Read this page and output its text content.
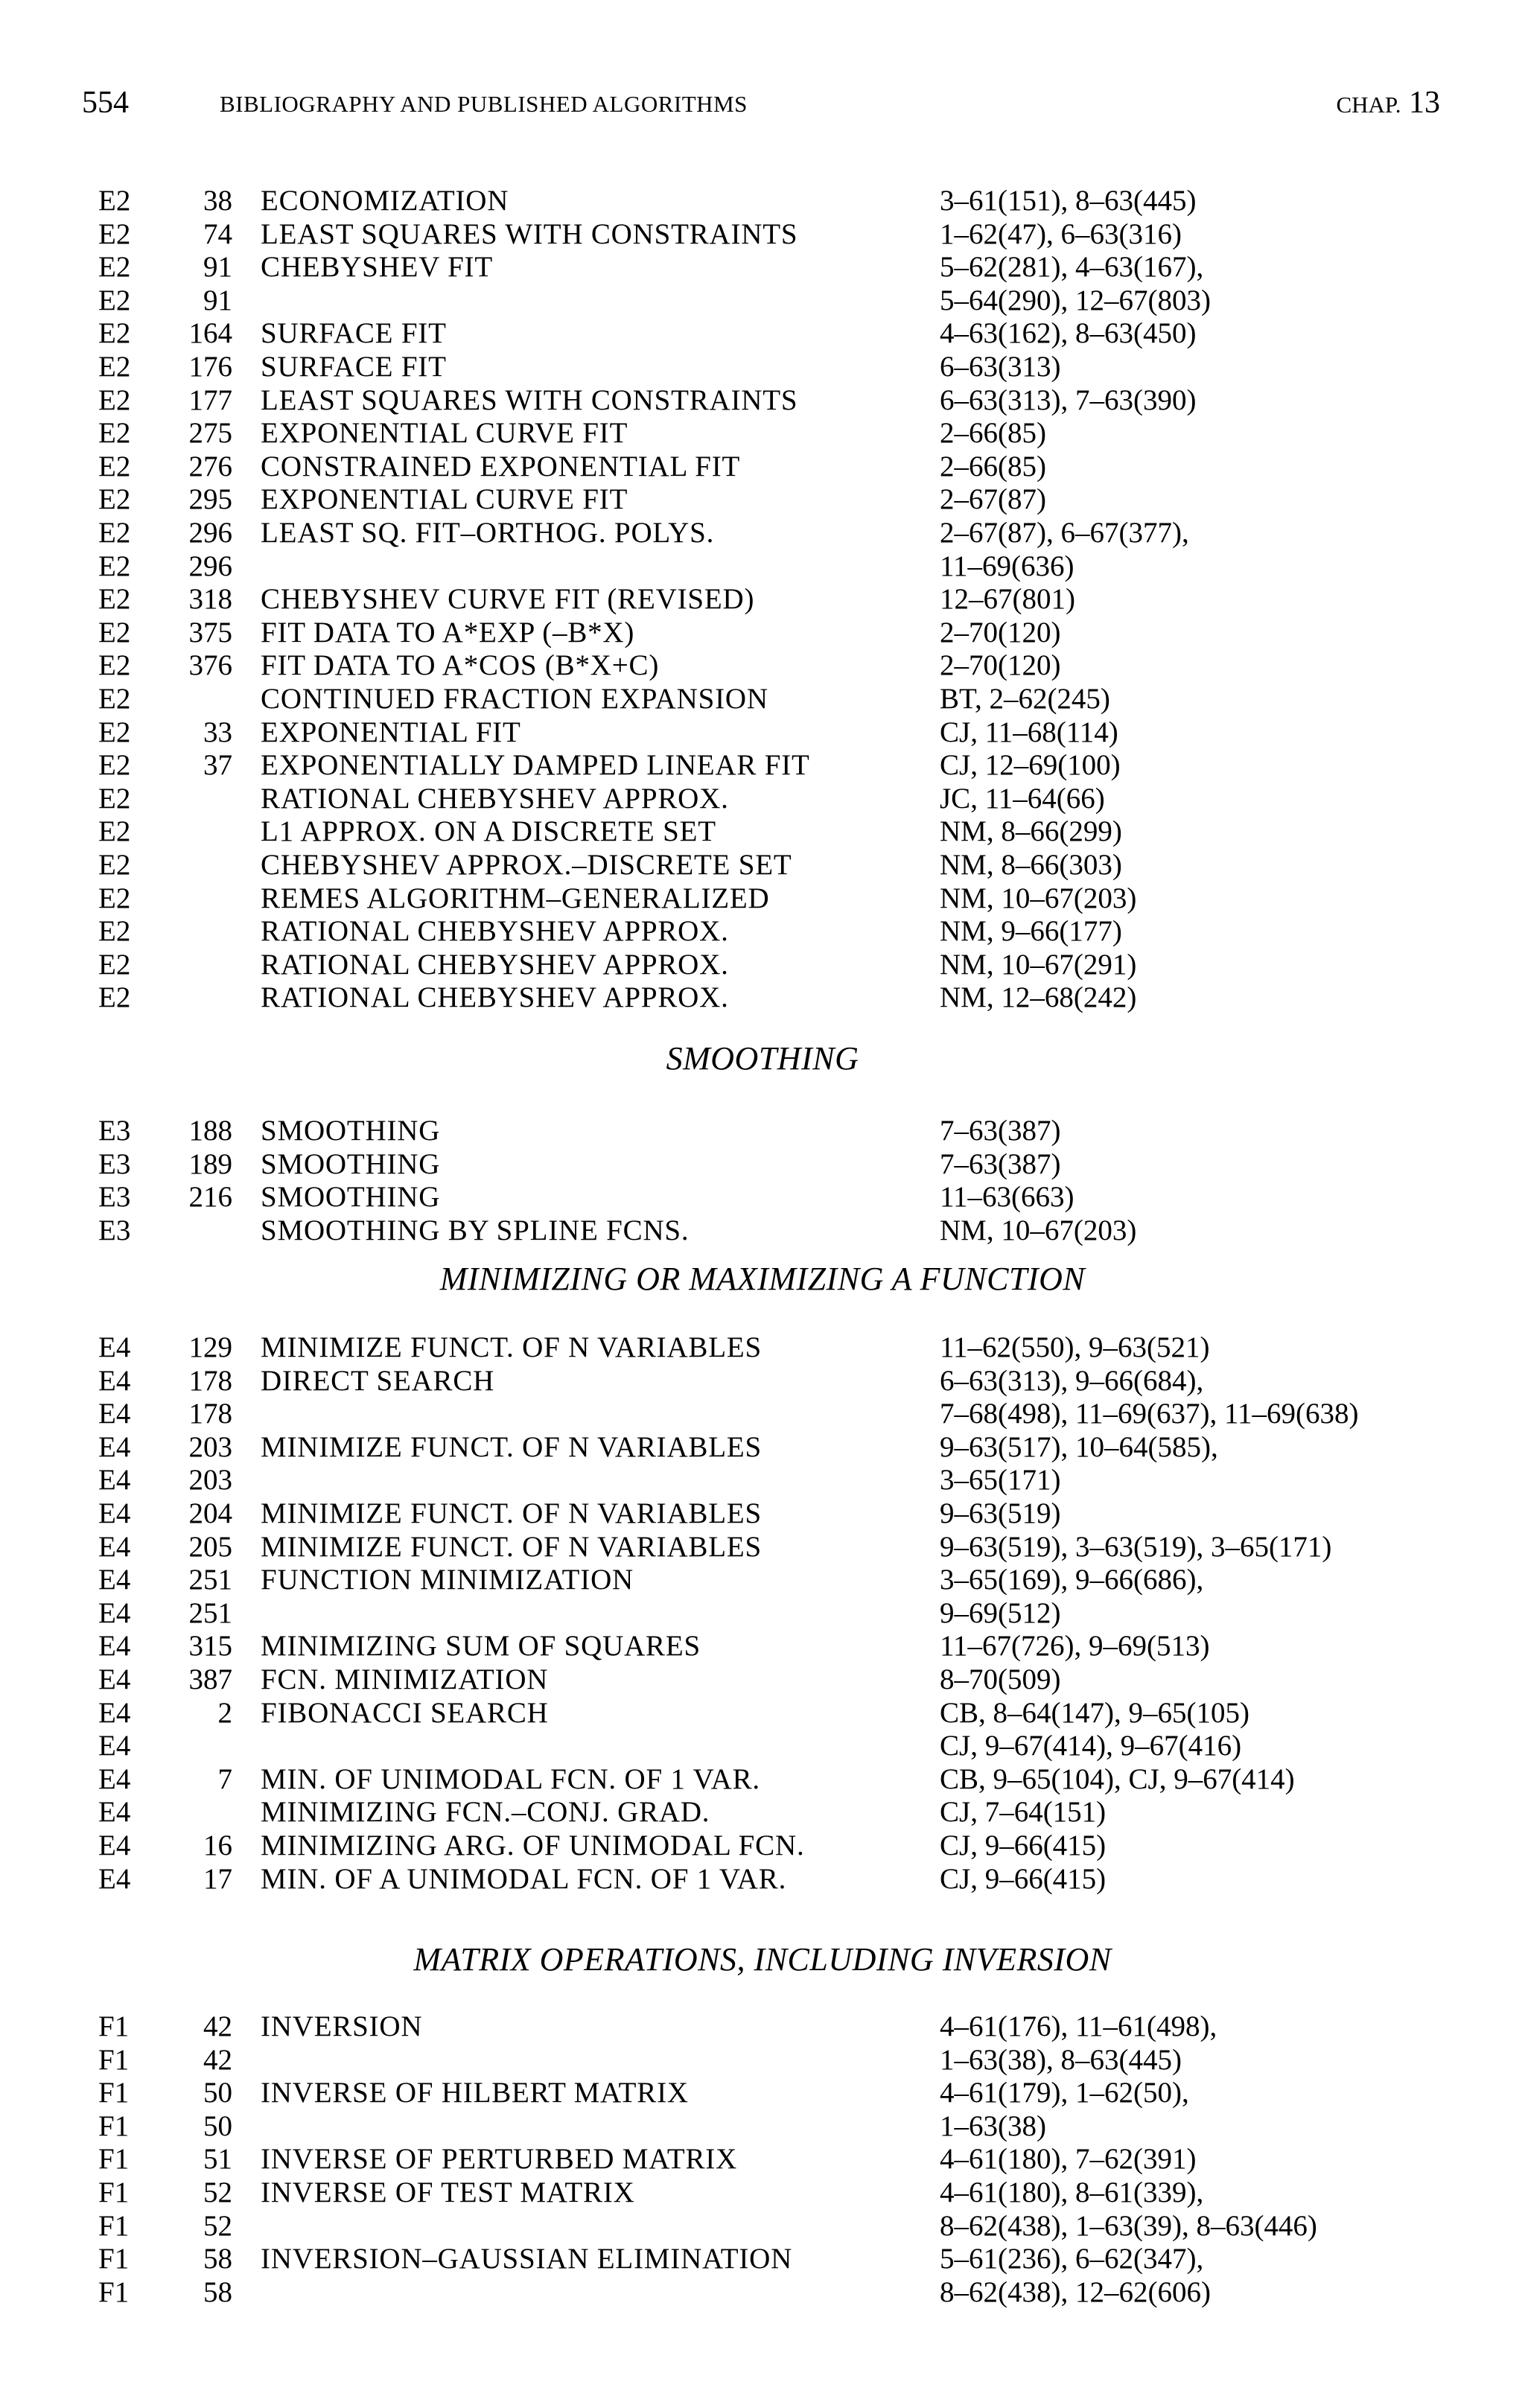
554	BIBLIOGRAPHY AND PUBLISHED ALGORITHMS	CHAP. 13
E2	38 ECONOMIZATION	3–61(151), 8–63(445)
E2	74 LEAST SQUARES WITH CONSTRAINTS	1–62(47), 6–63(316)
E2	91 CHEBYSHEV FIT	5–62(281), 4–63(167),
E2	91	5–64(290), 12–67(803)
E2	164 SURFACE FIT	4–63(162), 8–63(450)
E2	176 SURFACE FIT	6–63(313)
E2	177 LEAST SQUARES WITH CONSTRAINTS	6–63(313), 7–63(390)
E2	275 EXPONENTIAL CURVE FIT	2–66(85)
E2	276 CONSTRAINED EXPONENTIAL FIT	2–66(85)
E2	295 EXPONENTIAL CURVE FIT	2–67(87)
E2	296 LEAST SQ. FIT–ORTHOG. POLYS.	2–67(87), 6–67(377),
E2	296	11–69(636)
E2	318 CHEBYSHEV CURVE FIT (REVISED)	12–67(801)
E2	375 FIT DATA TO A*EXP (–B*X)	2–70(120)
E2	376 FIT DATA TO A*COS (B*X+C)	2–70(120)
E2	CONTINUED FRACTION EXPANSION	BT, 2–62(245)
E2	33 EXPONENTIAL FIT	CJ, 11–68(114)
E2	37 EXPONENTIALLY DAMPED LINEAR FIT	CJ, 12–69(100)
E2	RATIONAL CHEBYSHEV APPROX.	JC, 11–64(66)
E2	L1 APPROX. ON A DISCRETE SET	NM, 8–66(299)
E2	CHEBYSHEV APPROX.–DISCRETE SET	NM, 8–66(303)
E2	REMES ALGORITHM–GENERALIZED	NM, 10–67(203)
E2	RATIONAL CHEBYSHEV APPROX.	NM, 9–66(177)
E2	RATIONAL CHEBYSHEV APPROX.	NM, 10–67(291)
E2	RATIONAL CHEBYSHEV APPROX.	NM, 12–68(242)
SMOOTHING
E3	188 SMOOTHING	7–63(387)
E3	189 SMOOTHING	7–63(387)
E3	216 SMOOTHING	11–63(663)
E3	SMOOTHING BY SPLINE FCNS.	NM, 10–67(203)
MINIMIZING OR MAXIMIZING A FUNCTION
E4	129 MINIMIZE FUNCT. OF N VARIABLES	11–62(550), 9–63(521)
E4	178 DIRECT SEARCH	6–63(313), 9–66(684),
E4	178	7–68(498), 11–69(637), 11–69(638)
E4	203 MINIMIZE FUNCT. OF N VARIABLES	9–63(517), 10–64(585),
E4	203	3–65(171)
E4	204 MINIMIZE FUNCT. OF N VARIABLES	9–63(519)
E4	205 MINIMIZE FUNCT. OF N VARIABLES	9–63(519), 3–63(519), 3–65(171)
E4	251 FUNCTION MINIMIZATION	3–65(169), 9–66(686),
E4	251	9–69(512)
E4	315 MINIMIZING SUM OF SQUARES	11–67(726), 9–69(513)
E4	387 FCN. MINIMIZATION	8–70(509)
E4	2 FIBONACCI SEARCH	CB, 8–64(147), 9–65(105)
E4	CJ, 9–67(414), 9–67(416)
E4	7 MIN. OF UNIMODAL FCN. OF 1 VAR.	CB, 9–65(104), CJ, 9–67(414)
E4	MINIMIZING FCN.–CONJ. GRAD.	CJ, 7–64(151)
E4	16 MINIMIZING ARG. OF UNIMODAL FCN.	CJ, 9–66(415)
E4	17 MIN. OF A UNIMODAL FCN. OF 1 VAR.	CJ, 9–66(415)
MATRIX OPERATIONS, INCLUDING INVERSION
F1	42 INVERSION	4–61(176), 11–61(498),
F1	42	1–63(38), 8–63(445)
F1	50 INVERSE OF HILBERT MATRIX	4–61(179), 1–62(50),
F1	50	1–63(38)
F1	51 INVERSE OF PERTURBED MATRIX	4–61(180), 7–62(391)
F1	52 INVERSE OF TEST MATRIX	4–61(180), 8–61(339),
F1	52	8–62(438), 1–63(39), 8–63(446)
F1	58 INVERSION–GAUSSIAN ELIMINATION	5–61(236), 6–62(347),
F1	58	8–62(438), 12–62(606)
